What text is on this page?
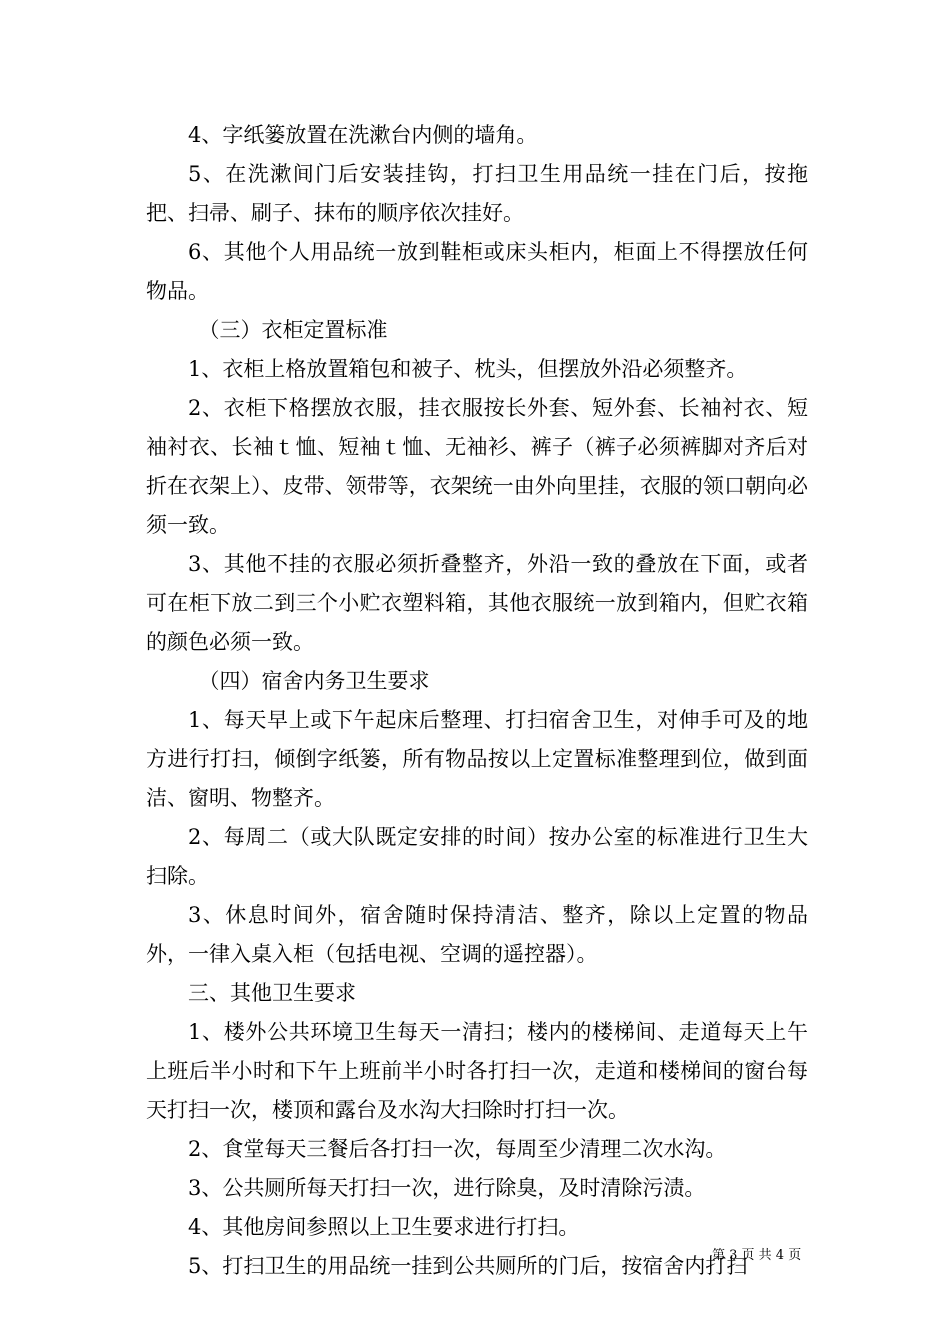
4、字纸篓放置在洗漱台内侧的墙角。

5、在洗漱间门后安装挂钩，打扫卫生用品统一挂在门后，按拖把、扫帚、刷子、抹布的顺序依次挂好。

6、其他个人用品统一放到鞋柜或床头柜内，柜面上不得摆放任何物品。

（三）衣柜定置标准

1、衣柜上格放置箱包和被子、枕头，但摆放外沿必须整齐。

2、衣柜下格摆放衣服，挂衣服按长外套、短外套、长袖衬衣、短袖衬衣、长袖ｔ恤、短袖ｔ恤、无袖衫、裤子（裤子必须裤脚对齐后对折在衣架上）、皮带、领带等，衣架统一由外向里挂，衣服的领口朝向必须一致。

3、其他不挂的衣服必须折叠整齐，外沿一致的叠放在下面，或者可在柜下放二到三个小贮衣塑料箱，其他衣服统一放到箱内，但贮衣箱的颜色必须一致。

（四）宿舍内务卫生要求

1、每天早上或下午起床后整理、打扫宿舍卫生，对伸手可及的地方进行打扫，倾倒字纸篓，所有物品按以上定置标准整理到位，做到面洁、窗明、物整齐。

2、每周二（或大队既定安排的时间）按办公室的标准进行卫生大扫除。

3、休息时间外，宿舍随时保持清洁、整齐，除以上定置的物品外，一律入桌入柜（包括电视、空调的遥控器）。

三、其他卫生要求

1、楼外公共环境卫生每天一清扫；楼内的楼梯间、走道每天上午上班后半小时和下午上班前半小时各打扫一次，走道和楼梯间的窗台每天打扫一次，楼顶和露台及水沟大扫除时打扫一次。

2、食堂每天三餐后各打扫一次，每周至少清理二次水沟。

3、公共厕所每天打扫一次，进行除臭，及时清除污渍。

4、其他房间参照以上卫生要求进行打扫。

5、打扫卫生的用品统一挂到公共厕所的门后，按宿舍内打扫

第 3 页 共 4 页
